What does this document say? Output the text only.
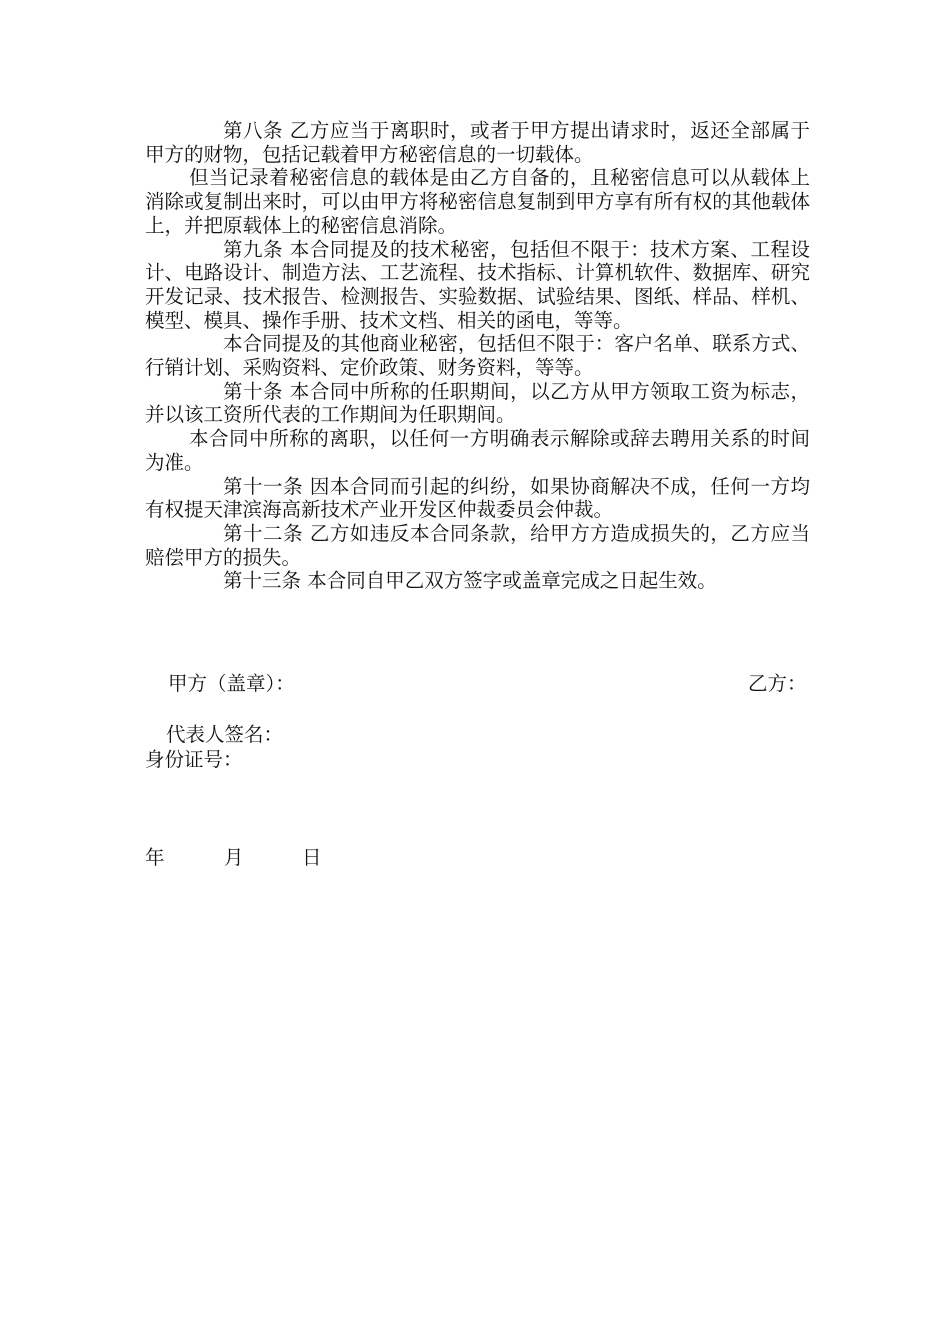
第八条 乙方应当于离职时，或者于甲方提出请求时，返还全部属于甲方的财物，包括记载着甲方秘密信息的一切载体。

但当记录着秘密信息的载体是由乙方自备的，且秘密信息可以从载体上消除或复制出来时，可以由甲方将秘密信息复制到甲方享有所有权的其他载体上，并把原载体上的秘密信息消除。

第九条 本合同提及的技术秘密，包括但不限于：技术方案、工程设计、电路设计、制造方法、工艺流程、技术指标、计算机软件、数据库、研究开发记录、技术报告、检测报告、实验数据、试验结果、图纸、样品、样机、模型、模具、操作手册、技术文档、相关的函电，等等。

本合同提及的其他商业秘密，包括但不限于：客户名单、联系方式、行销计划、采购资料、定价政策、财务资料，等等。

第十条 本合同中所称的任职期间，以乙方从甲方领取工资为标志，并以该工资所代表的工作期间为任职期间。

本合同中所称的离职，以任何一方明确表示解除或辞去聘用关系的时间为准。

第十一条 因本合同而引起的纠纷，如果协商解决不成，任何一方均有权提天津滨海高新技术产业开发区仲裁委员会仲裁。

第十二条 乙方如违反本合同条款，给甲方方造成损失的，乙方应当赔偿甲方的损失。

第十三条 本合同自甲乙双方签字或盖章完成之日起生效。

甲方（盖章）：	乙方：
代表人签名：
身份证号：
年	月	日
